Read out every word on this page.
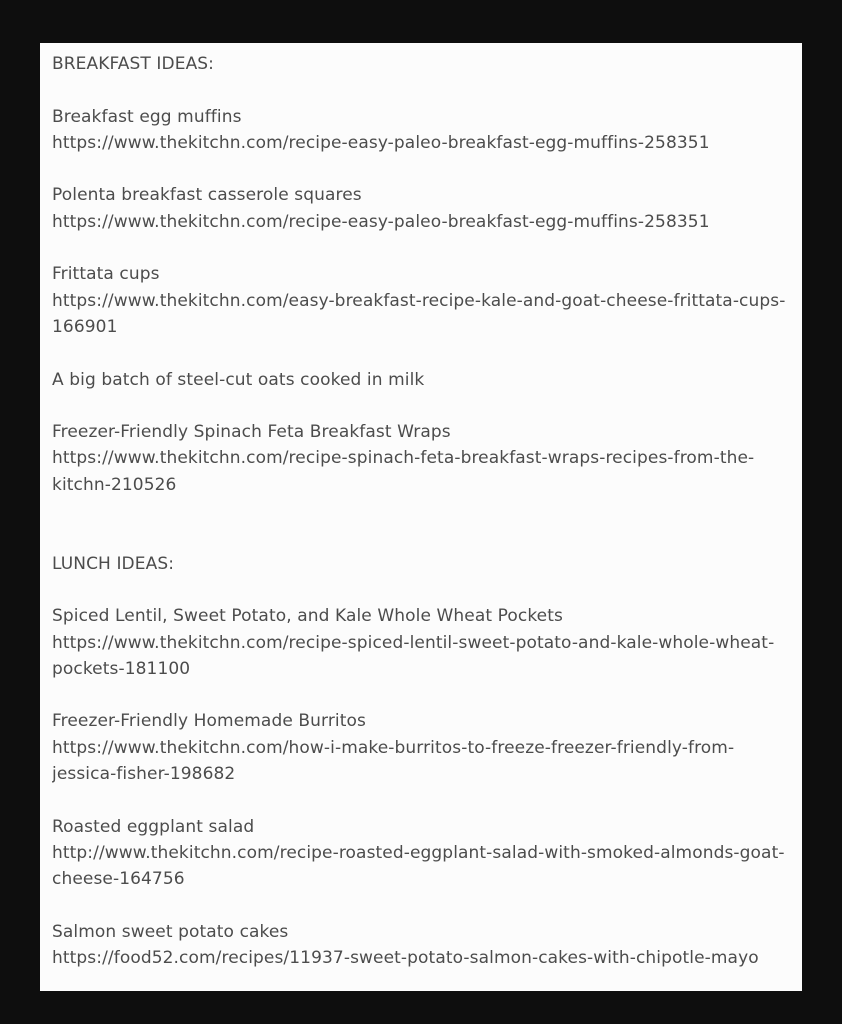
BREAKFAST IDEAS:
Breakfast egg muffins
https://www.thekitchn.com/recipe-easy-paleo-breakfast-egg-muffins-258351
Polenta breakfast casserole squares
https://www.thekitchn.com/recipe-easy-paleo-breakfast-egg-muffins-258351
Frittata cups
https://www.thekitchn.com/easy-breakfast-recipe-kale-and-goat-cheese-frittata-cups-
166901
A big batch of steel-cut oats cooked in milk
Freezer-Friendly Spinach Feta Breakfast Wraps
https://www.thekitchn.com/recipe-spinach-feta-breakfast-wraps-recipes-from-the-
kitchn-210526
LUNCH IDEAS:
Spiced Lentil, Sweet Potato, and Kale Whole Wheat Pockets
https://www.thekitchn.com/recipe-spiced-lentil-sweet-potato-and-kale-whole-wheat-
pockets-181100
Freezer-Friendly Homemade Burritos
https://www.thekitchn.com/how-i-make-burritos-to-freeze-freezer-friendly-from-
jessica-fisher-198682
Roasted eggplant salad
http://www.thekitchn.com/recipe-roasted-eggplant-salad-with-smoked-almonds-goat-
cheese-164756
Salmon sweet potato cakes
https://food52.com/recipes/11937-sweet-potato-salmon-cakes-with-chipotle-mayo
